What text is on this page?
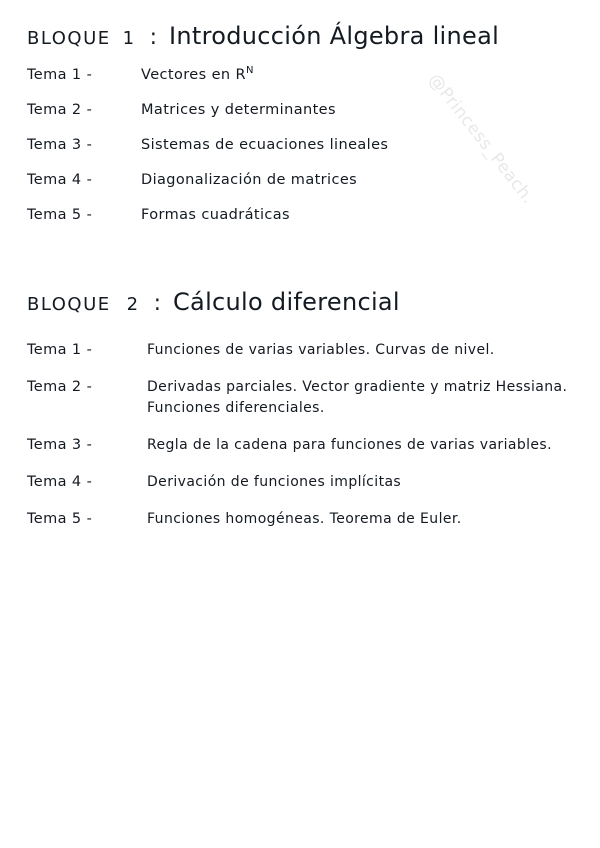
@Princess_Peach.
BLOQUE 1 : Introducción Álgebra lineal
Tema 1 -	Vectores en $R^N$
Tema 2 -	Matrices y determinantes
Tema 3 -	Sistemas de ecuaciones lineales
Tema 4 -	Diagonalización de matrices
Tema 5 -	Formas cuadráticas
BLOQUE 2 : Cálculo diferencial
Tema 1 -	Funciones de varias variables. Curvas de nivel.
Tema 2 -	Derivadas parciales. Vector gradiente y matriz Hessiana. Funciones diferenciales.
Tema 3 -	Regla de la cadena para funciones de varias variables.
Tema 4 -	Derivación de funciones implícitas
Tema 5 -	Funciones homogéneas. Teorema de Euler.
